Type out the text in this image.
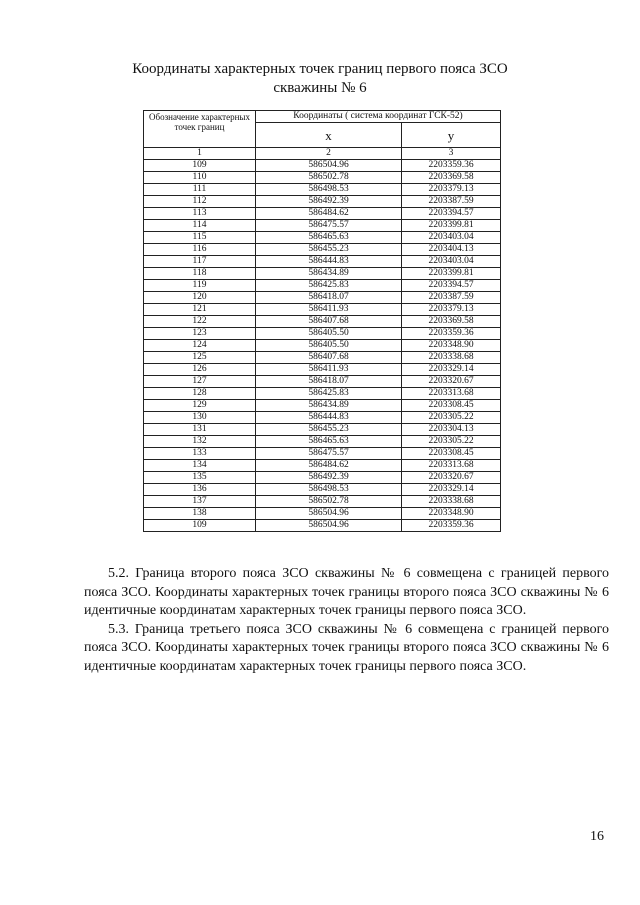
Координаты характерных точек границ первого пояса ЗСО
скважины № 6
Обозначение характерных точек границ	Координаты ( система координат ГСК-52)	
	x	y
1	2	3
109	586504.96	2203359.36
110	586502.78	2203369.58
111	586498.53	2203379.13
112	586492.39	2203387.59
113	586484.62	2203394.57
114	586475.57	2203399.81
115	586465.63	2203403.04
116	586455.23	2203404.13
117	586444.83	2203403.04
118	586434.89	2203399.81
119	586425.83	2203394.57
120	586418.07	2203387.59
121	586411.93	2203379.13
122	586407.68	2203369.58
123	586405.50	2203359.36
124	586405.50	2203348.90
125	586407.68	2203338.68
126	586411.93	2203329.14
127	586418.07	2203320.67
128	586425.83	2203313.68
129	586434.89	2203308.45
130	586444.83	2203305.22
131	586455.23	2203304.13
132	586465.63	2203305.22
133	586475.57	2203308.45
134	586484.62	2203313.68
135	586492.39	2203320.67
136	586498.53	2203329.14
137	586502.78	2203338.68
138	586504.96	2203348.90
109	586504.96	2203359.36

5.2. Граница второго пояса ЗСО скважины № 6 совмещена с границей первого пояса ЗСО. Координаты характерных точек границы второго пояса ЗСО скважины № 6 идентичные координатам характерных точек границы первого пояса ЗСО.

5.3. Граница третьего пояса ЗСО скважины № 6 совмещена с границей первого пояса ЗСО. Координаты характерных точек границы второго пояса ЗСО скважины № 6 идентичные координатам характерных точек границы первого пояса ЗСО.

16
